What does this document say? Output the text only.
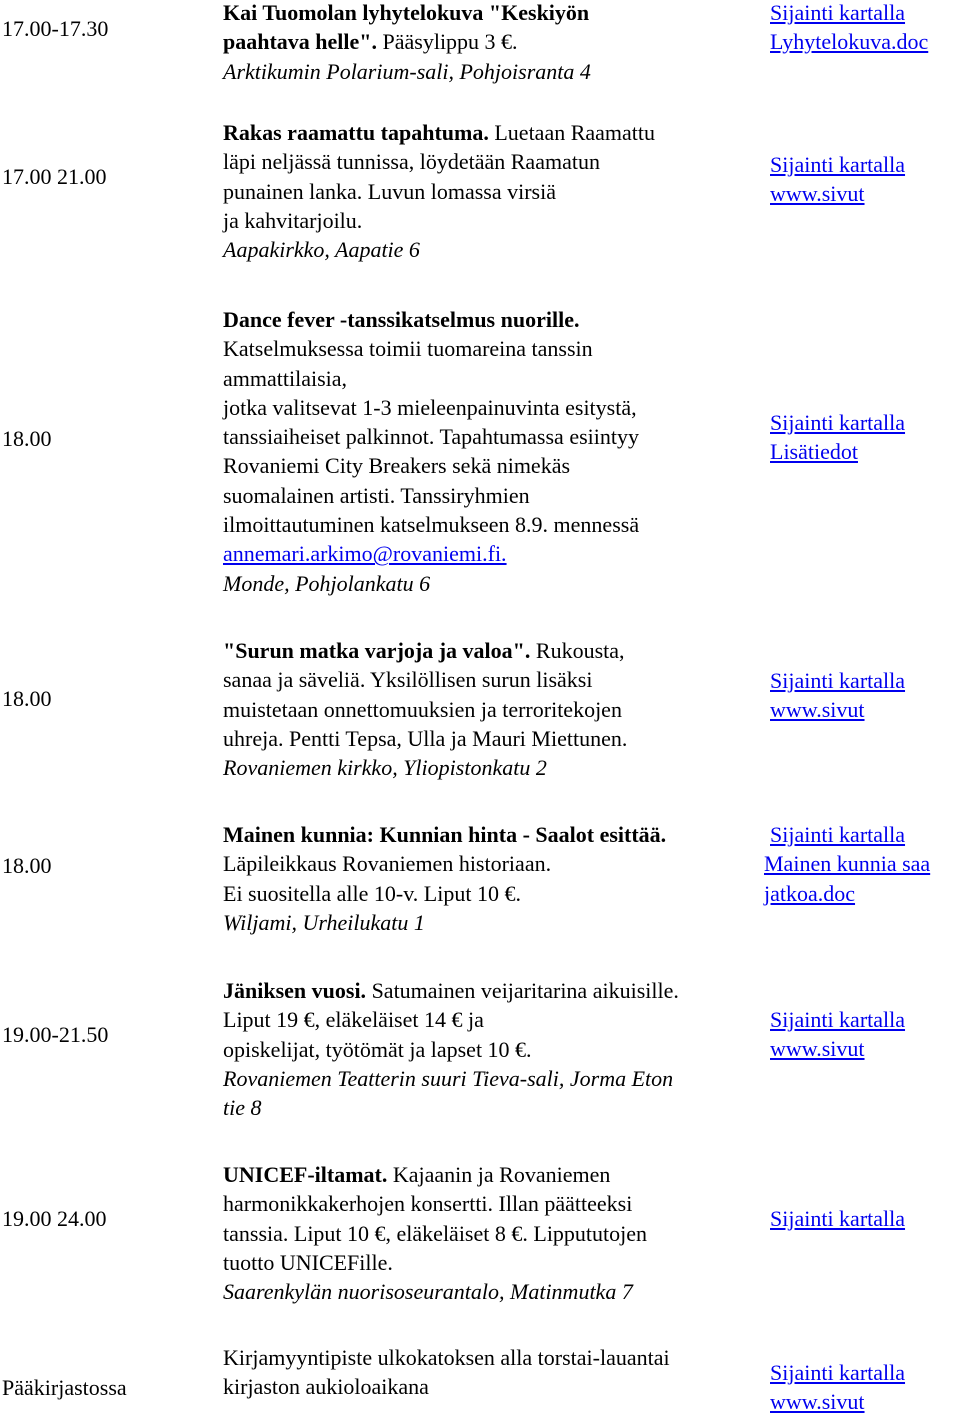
17.00-17.30
Kai Tuomolan lyhytelokuva "Keskiyön
paahtava helle". Pääsylippu 3 €.
Arktikumin Polarium-sali, Pohjoisranta 4
Sijainti kartalla
Lyhytelokuva.doc
17.00 21.00
Rakas raamattu tapahtuma. Luetaan Raamattu
läpi neljässä tunnissa, löydetään Raamatun
punainen lanka. Luvun lomassa virsiä
ja kahvitarjoilu.
Aapakirkko, Aapatie 6
Sijainti kartalla
www.sivut
18.00
Dance fever -tanssikatselmus nuorille.
Katselmuksessa toimii tuomareina tanssin
ammattilaisia,
jotka valitsevat 1-3 mieleenpainuvinta esitystä,
tanssiaiheiset palkinnot. Tapahtumassa esiintyy
Rovaniemi City Breakers sekä nimekäs
suomalainen artisti. Tanssiryhmien
ilmoittautuminen katselmukseen 8.9. mennessä
annemari.arkimo@rovaniemi.fi.
Monde, Pohjolankatu 6
Sijainti kartalla
Lisätiedot
18.00
"Surun matka varjoja ja valoa". Rukousta,
sanaa ja säveliä. Yksilöllisen surun lisäksi
muistetaan onnettomuuksien ja terroritekojen
uhreja. Pentti Tepsa, Ulla ja Mauri Miettunen.
Rovaniemen kirkko, Yliopistonkatu 2
Sijainti kartalla
www.sivut
18.00
Mainen kunnia: Kunnian hinta - Saalot esittää.
Läpileikkaus Rovaniemen historiaan.
Ei suositella alle 10-v. Liput 10 €.
Wiljami, Urheilukatu 1
Sijainti kartalla
Mainen kunnia saa
jatkoa.doc
19.00-21.50
Jäniksen vuosi. Satumainen veijaritarina aikuisille.
Liput 19 €, eläkeläiset 14 € ja
opiskelijat, työtömät ja lapset 10 €.
Rovaniemen Teatterin suuri Tieva-sali, Jorma Eton
tie 8
Sijainti kartalla
www.sivut
19.00 24.00
UNICEF-iltamat. Kajaanin ja Rovaniemen
harmonikkakerhojen konsertti. Illan päätteeksi
tanssia. Liput 10 €, eläkeläiset 8 €. Lippututojen
tuotto UNICEFille.
Saarenkylän nuorisoseurantalo, Matinmutka 7
Sijainti kartalla
Pääkirjastossa
Kirjamyyntipiste ulkokatoksen alla torstai-lauantai
kirjaston aukioloaikana
Sijainti kartalla
www.sivut
